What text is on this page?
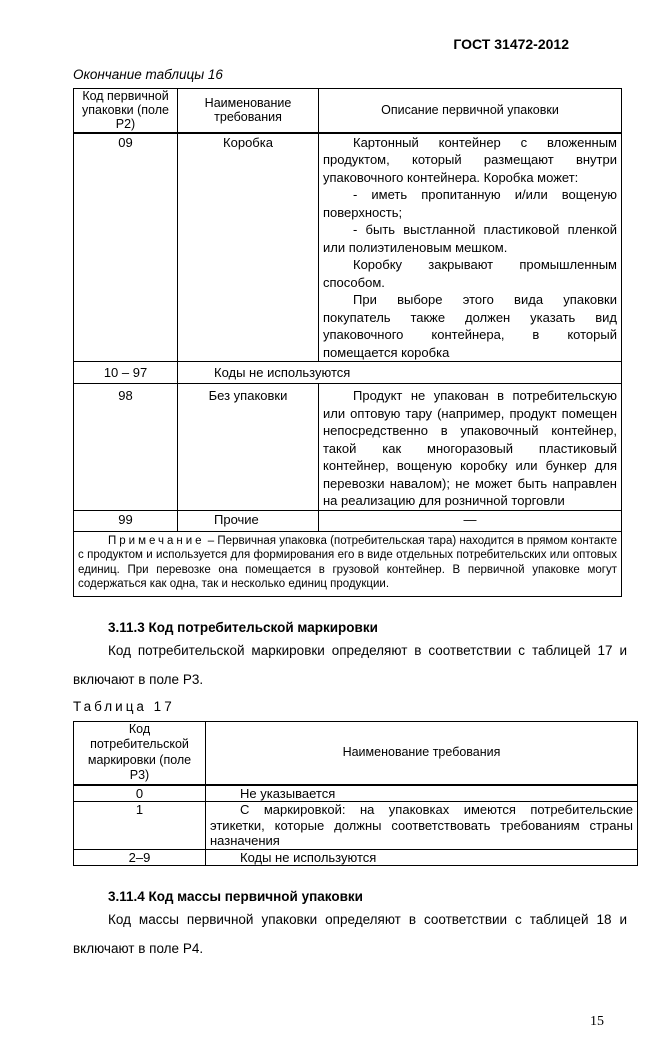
ГОСТ 31472-2012
Окончание таблицы 16
Код первичной упаковки (поле Р2)	Наименование требования	Описание первичной упаковки
09	Коробка	Картонный контейнер с вложенным продуктом, который размещают внутри упаковочного контейнера. Коробка может:
- иметь пропитанную и/или вощеную поверхность;
- быть выстланной пластиковой пленкой или полиэтиленовым мешком.
Коробку закрывают промышленным способом.
При выборе этого вида упаковки покупатель также должен указать вид упаковочного контейнера, в который помещается коробка

10 – 97	Коды не используются	
98	Без упаковки	Продукт не упакован в потребительскую или оптовую тару (например, продукт помещен непосредственно в упаковочный контейнер, такой как многоразовый пластиковый контейнер, вощеную коробку или бункер для перевозки навалом); не может быть направлен на реализацию для розничной торговли
99	Прочие	—
Примечание – Первичная упаковка (потребительская тара) находится в прямом контакте с продуктом и используется для формирования его в виде отдельных потребительских или оптовых единиц. При перевозке она помещается в грузовой контейнер. В первичной упаковке могут содержаться как одна, так и несколько единиц продукции.		
3.11.3 Код потребительской маркировки
Код потребительской маркировки определяют в соответствии с таблицей 17 и включают в поле Р3.
Таблица 17
Код потребительской маркировки (поле Р3)	Наименование требования
0	Не указывается
1	С маркировкой: на упаковках имеются потребительские этикетки, которые должны соответствовать требованиям страны назначения
2–9	Коды не используются
3.11.4 Код массы первичной упаковки
Код массы первичной упаковки определяют в соответствии с таблицей 18 и включают в поле Р4.
15
